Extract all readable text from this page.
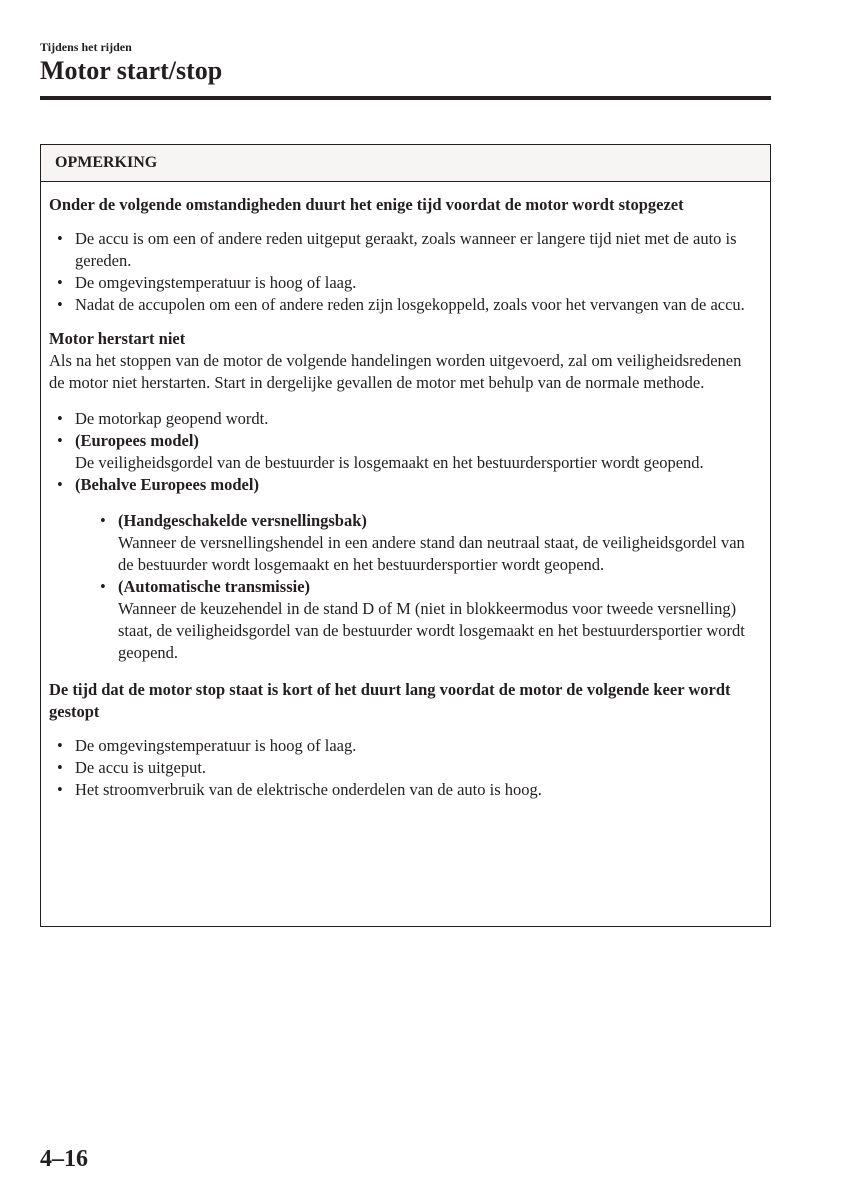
Tijdens het rijden
Motor start/stop
OPMERKING
Onder de volgende omstandigheden duurt het enige tijd voordat de motor wordt stopgezet
• De accu is om een of andere reden uitgeput geraakt, zoals wanneer er langere tijd niet met de auto is gereden.
• De omgevingstemperatuur is hoog of laag.
• Nadat de accupolen om een of andere reden zijn losgekoppeld, zoals voor het vervangen van de accu.
Motor herstart niet
Als na het stoppen van de motor de volgende handelingen worden uitgevoerd, zal om veiligheidsredenen de motor niet herstarten. Start in dergelijke gevallen de motor met behulp van de normale methode.
• De motorkap geopend wordt.
• (Europees model)
De veiligheidsgordel van de bestuurder is losgemaakt en het bestuurdersportier wordt geopend.
• (Behalve Europees model)
• (Handgeschakelde versnellingsbak)
Wanneer de versnellingshendel in een andere stand dan neutraal staat, de veiligheidsgordel van de bestuurder wordt losgemaakt en het bestuurdersportier wordt geopend.
• (Automatische transmissie)
Wanneer de keuzehendel in de stand D of M (niet in blokkeermodus voor tweede versnelling) staat, de veiligheidsgordel van de bestuurder wordt losgemaakt en het bestuurdersportier wordt geopend.
De tijd dat de motor stop staat is kort of het duurt lang voordat de motor de volgende keer wordt gestopt
• De omgevingstemperatuur is hoog of laag.
• De accu is uitgeput.
• Het stroomverbruik van de elektrische onderdelen van de auto is hoog.
4–16
